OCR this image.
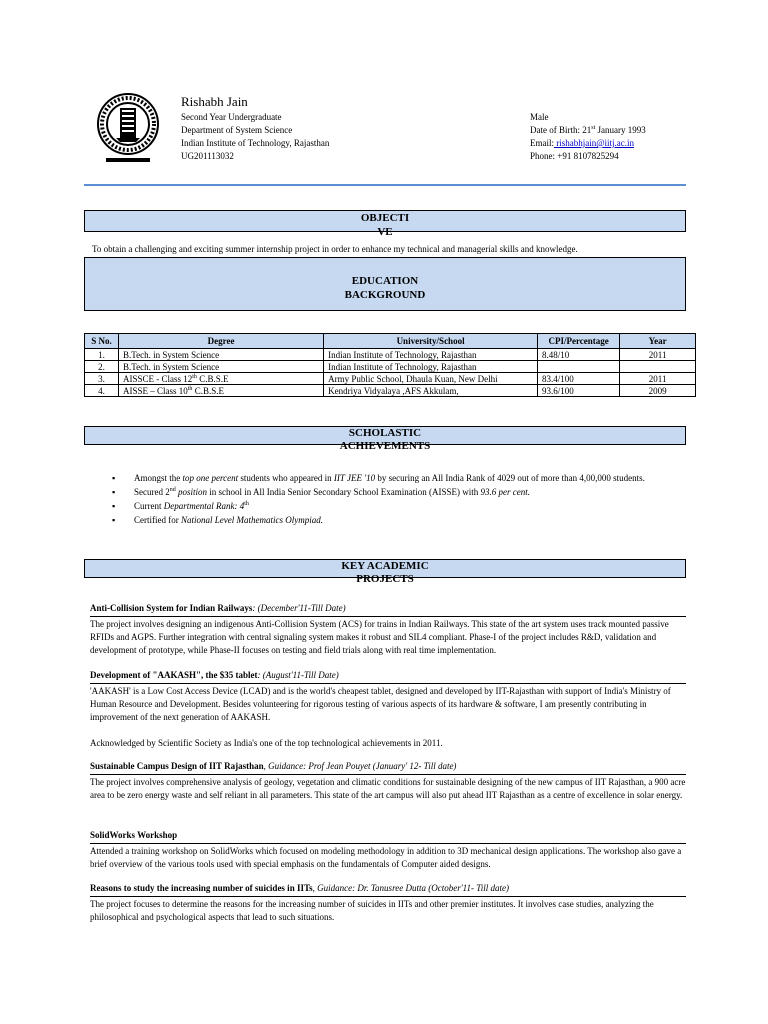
Rishabh Jain
Second Year Undergraduate
Department of System Science
Indian Institute of Technology, Rajasthan
UG201113032
Male
Date of Birth: 21st January 1993
Email: rishabhjain@iitj.ac.in
Phone: +91 8107825294
OBJECTI
VE
To obtain a challenging and exciting summer internship project in order to enhance my technical and managerial skills and knowledge.
EDUCATION
BACKGROUND
S No.	Degree	University/School	CPI/Percentage	Year
1.	B.Tech. in System Science	Indian Institute of Technology, Rajasthan	8.48/10	2011
2.	B.Tech. in System Science	Indian Institute of Technology, Rajasthan		
3.	AISSCE - Class 12th C.B.S.E	Army Public School, Dhaula Kuan, New Delhi	83.4/100	2011
4.	AISSE – Class 10th C.B.S.E	Kendriya Vidyalaya ,AFS Akkulam,	93.6/100	2009
SCHOLASTIC
ACHIEVEMENTS
▪ Amongst the top one percent students who appeared in IIT JEE '10 by securing an All India Rank of 4029 out of more than 4,00,000 students.
▪ Secured 2nd position in school in All India Senior Secondary School Examination (AISSE) with 93.6 per cent.
▪ Current Departmental Rank: 4th
▪ Certified for National Level Mathematics Olympiad.
KEY ACADEMIC
PROJECTS
Anti-Collision System for Indian Railways: (December'11-Till Date)
The project involves designing an indigenous Anti-Collision System (ACS) for trains in Indian Railways. This state of the art system uses track mounted passive RFIDs and AGPS. Further integration with central signaling system makes it robust and SIL4 compliant. Phase-I of the project includes R&D, validation and development of prototype, while Phase-II focuses on testing and field trials along with real time implementation.
Development of "AAKASH", the $35 tablet: (August'11-Till Date)
'AAKASH' is a Low Cost Access Device (LCAD) and is the world's cheapest tablet, designed and developed by IIT-Rajasthan with support of India's Ministry of Human Resource and Development. Besides volunteering for rigorous testing of various aspects of its hardware & software, I am presently contributing in improvement of the next generation of AAKASH.
Acknowledged by Scientific Society as India's one of the top technological achievements in 2011.
Sustainable Campus Design of IIT Rajasthan, Guidance: Prof Jean Pouyet (January' 12- Till date)
The project involves comprehensive analysis of geology, vegetation and climatic conditions for sustainable designing of the new campus of IIT Rajasthan, a 900 acre area to be zero energy waste and self reliant in all parameters. This state of the art campus will also put ahead IIT Rajasthan as a centre of excellence in solar energy.
SolidWorks Workshop
Attended a training workshop on SolidWorks which focused on modeling methodology in addition to 3D mechanical design applications. The workshop also gave a brief overview of the various tools used with special emphasis on the fundamentals of Computer aided designs.
Reasons to study the increasing number of suicides in IITs, Guidance: Dr. Tanusree Dutta (October'11- Till date)
The project focuses to determine the reasons for the increasing number of suicides in IITs and other premier institutes. It involves case studies, analyzing the philosophical and psychological aspects that lead to such situations.
